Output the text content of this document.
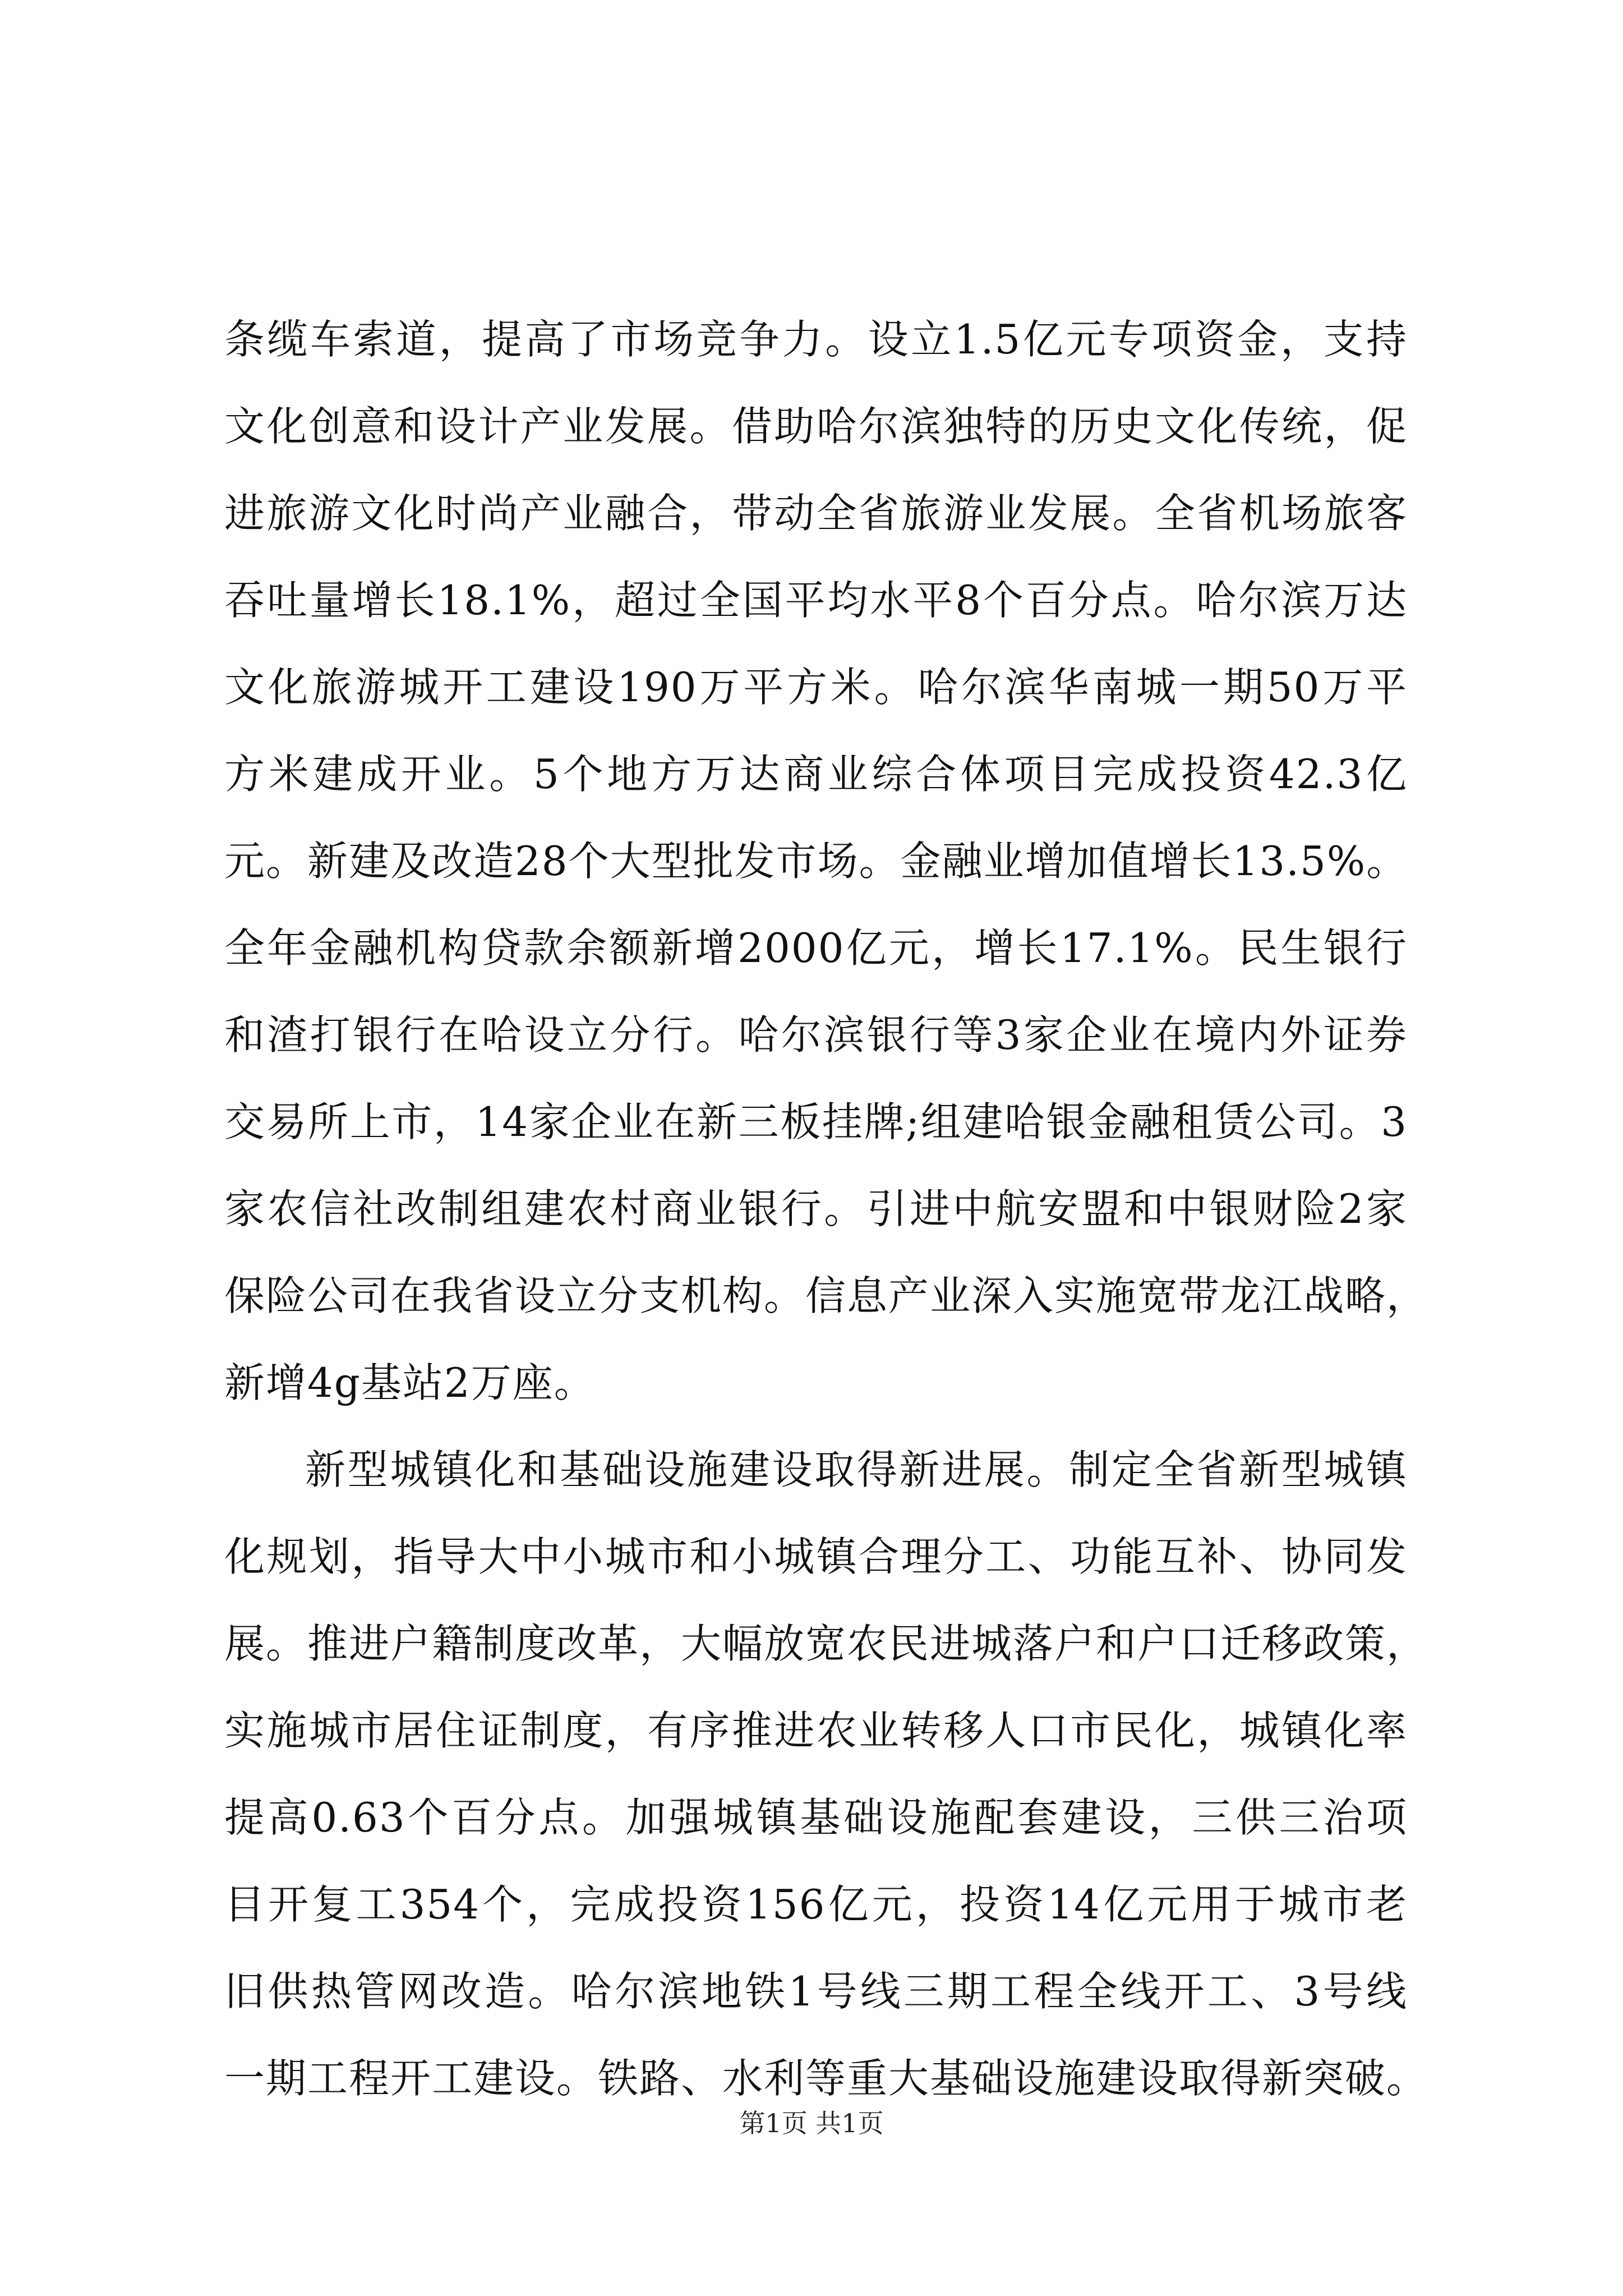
条缆车索道，提高了市场竞争力。设立1.5亿元专项资金，支持
文化创意和设计产业发展。借助哈尔滨独特的历史文化传统，促
进旅游文化时尚产业融合，带动全省旅游业发展。全省机场旅客
吞吐量增长18.1%，超过全国平均水平8个百分点。哈尔滨万达
文化旅游城开工建设190万平方米。哈尔滨华南城一期50万平
方米建成开业。5个地方万达商业综合体项目完成投资42.3亿
元。新建及改造28个大型批发市场。金融业增加值增长13.5%。
全年金融机构贷款余额新增2000亿元，增长17.1%。民生银行
和渣打银行在哈设立分行。哈尔滨银行等3家企业在境内外证券
交易所上市，14家企业在新三板挂牌;组建哈银金融租赁公司。3
家农信社改制组建农村商业银行。引进中航安盟和中银财险2家
保险公司在我省设立分支机构。信息产业深入实施宽带龙江战略，
新增4g基站2万座。
新型城镇化和基础设施建设取得新进展。制定全省新型城镇
化规划，指导大中小城市和小城镇合理分工、功能互补、协同发
展。推进户籍制度改革，大幅放宽农民进城落户和户口迁移政策，
实施城市居住证制度，有序推进农业转移人口市民化，城镇化率
提高0.63个百分点。加强城镇基础设施配套建设，三供三治项
目开复工354个，完成投资156亿元，投资14亿元用于城市老
旧供热管网改造。哈尔滨地铁1号线三期工程全线开工、3号线
一期工程开工建设。铁路、水利等重大基础设施建设取得新突破。
第1页 共1页
